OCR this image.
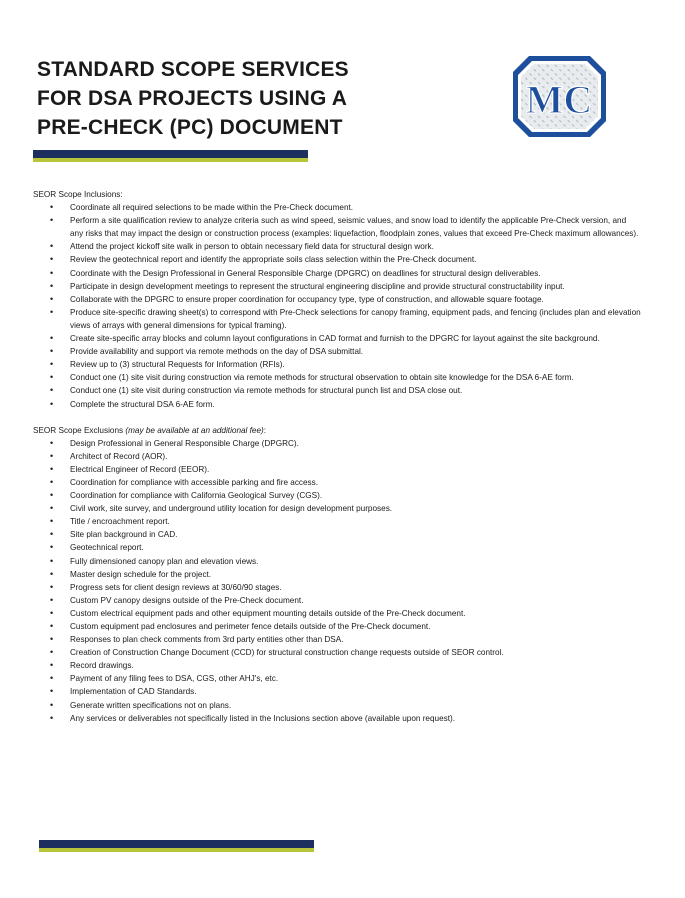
STANDARD SCOPE SERVICES
FOR DSA PROJECTS USING A
PRE-CHECK (PC) DOCUMENT
MC
SEOR Scope Inclusions:
• Coordinate all required selections to be made within the Pre-Check document.
• Perform a site qualification review to analyze criteria such as wind speed, seismic values, and snow load to identify the applicable Pre-Check version, and any risks that may impact the design or construction process (examples: liquefaction, floodplain zones, values that exceed Pre-Check maximum allowances).
• Attend the project kickoff site walk in person to obtain necessary field data for structural design work.
• Review the geotechnical report and identify the appropriate soils class selection within the Pre-Check document.
• Coordinate with the Design Professional in General Responsible Charge (DPGRC) on deadlines for structural design deliverables.
• Participate in design development meetings to represent the structural engineering discipline and provide structural constructability input.
• Collaborate with the DPGRC to ensure proper coordination for occupancy type, type of construction, and allowable square footage.
• Produce site-specific drawing sheet(s) to correspond with Pre-Check selections for canopy framing, equipment pads, and fencing (includes plan and elevation views of arrays with general dimensions for typical framing).
• Create site-specific array blocks and column layout configurations in CAD format and furnish to the DPGRC for layout against the site background.
• Provide availability and support via remote methods on the day of DSA submittal.
• Review up to (3) structural Requests for Information (RFIs).
• Conduct one (1) site visit during construction via remote methods for structural observation to obtain site knowledge for the DSA 6-AE form.
• Conduct one (1) site visit during construction via remote methods for structural punch list and DSA close out.
• Complete the structural DSA 6-AE form.
SEOR Scope Exclusions (may be available at an additional fee):
• Design Professional in General Responsible Charge (DPGRC).
• Architect of Record (AOR).
• Electrical Engineer of Record (EEOR).
• Coordination for compliance with accessible parking and fire access.
• Coordination for compliance with California Geological Survey (CGS).
• Civil work, site survey, and underground utility location for design development purposes.
• Title / encroachment report.
• Site plan background in CAD.
• Geotechnical report.
• Fully dimensioned canopy plan and elevation views.
• Master design schedule for the project.
• Progress sets for client design reviews at 30/60/90 stages.
• Custom PV canopy designs outside of the Pre-Check document.
• Custom electrical equipment pads and other equipment mounting details outside of the Pre-Check document.
• Custom equipment pad enclosures and perimeter fence details outside of the Pre-Check document.
• Responses to plan check comments from 3rd party entities other than DSA.
• Creation of Construction Change Document (CCD) for structural construction change requests outside of SEOR control.
• Record drawings.
• Payment of any filing fees to DSA, CGS, other AHJ's, etc.
• Implementation of CAD Standards.
• Generate written specifications not on plans.
• Any services or deliverables not specifically listed in the Inclusions section above (available upon request).
